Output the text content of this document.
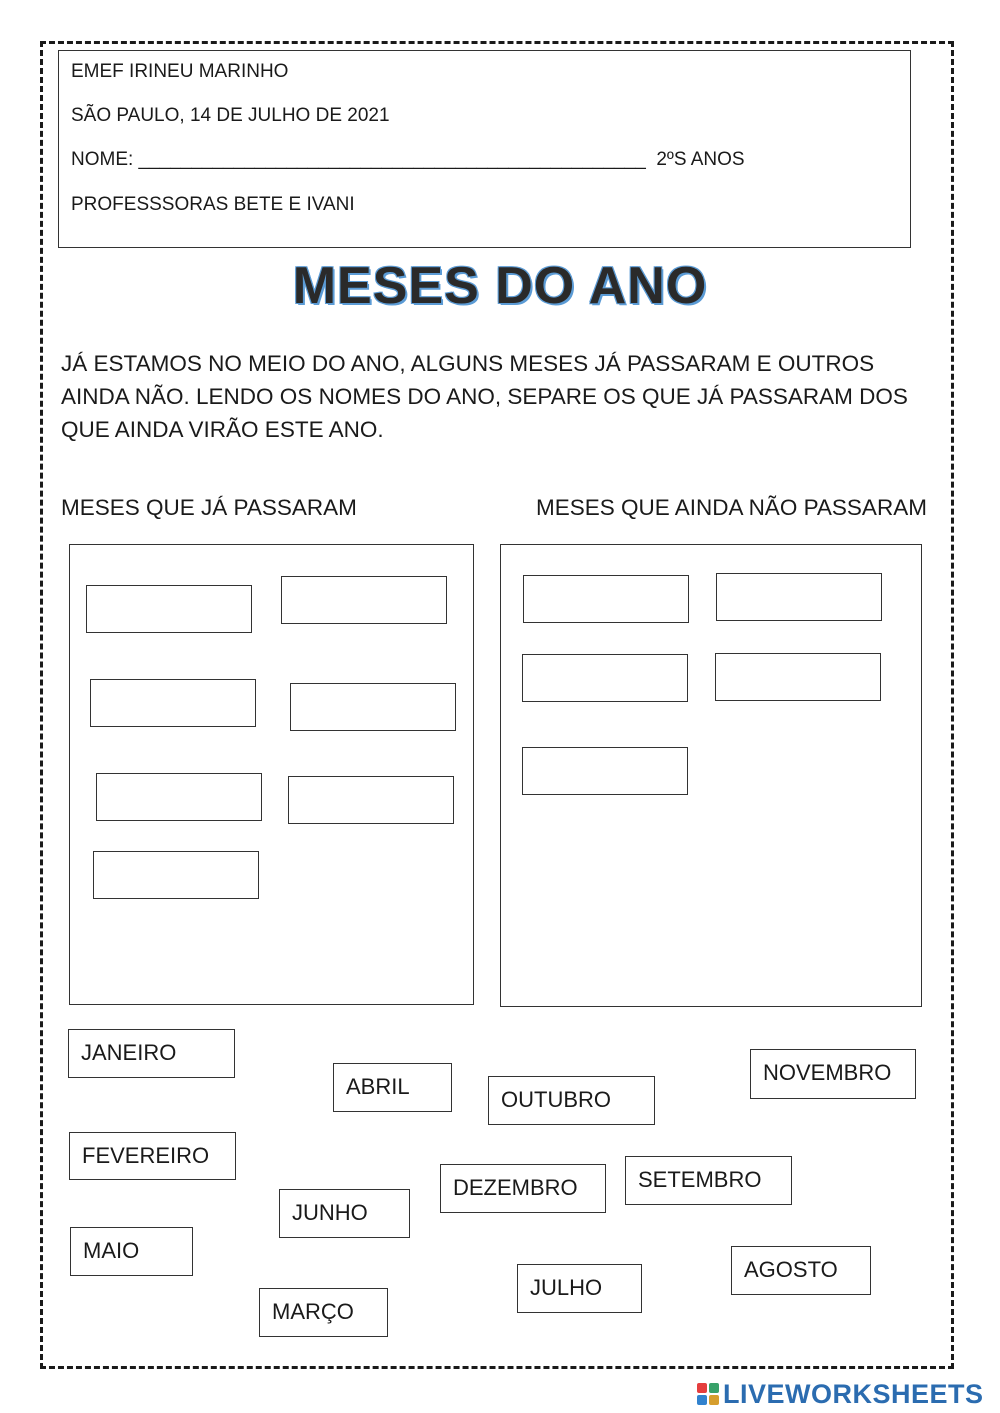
EMEF IRINEU MARINHO
SÃO PAULO, 14 DE JULHO DE 2021
NOME: ________________________________________________  2ºS ANOS
PROFESSSORAS BETE E IVANI
MESES DO ANO
JÁ ESTAMOS NO MEIO DO ANO, ALGUNS MESES JÁ PASSARAM E OUTROS AINDA NÃO. LENDO OS NOMES DO ANO, SEPARE OS QUE JÁ PASSARAM DOS QUE AINDA VIRÃO ESTE ANO.
MESES QUE JÁ PASSARAM	MESES QUE AINDA NÃO PASSARAM
JANEIRO
ABRIL
OUTUBRO
NOVEMBRO
FEVEREIRO
DEZEMBRO	SETEMBRO
JUNHO
MAIO
AGOSTO
JULHO
MARÇO
LIVEWORKSHEETS
